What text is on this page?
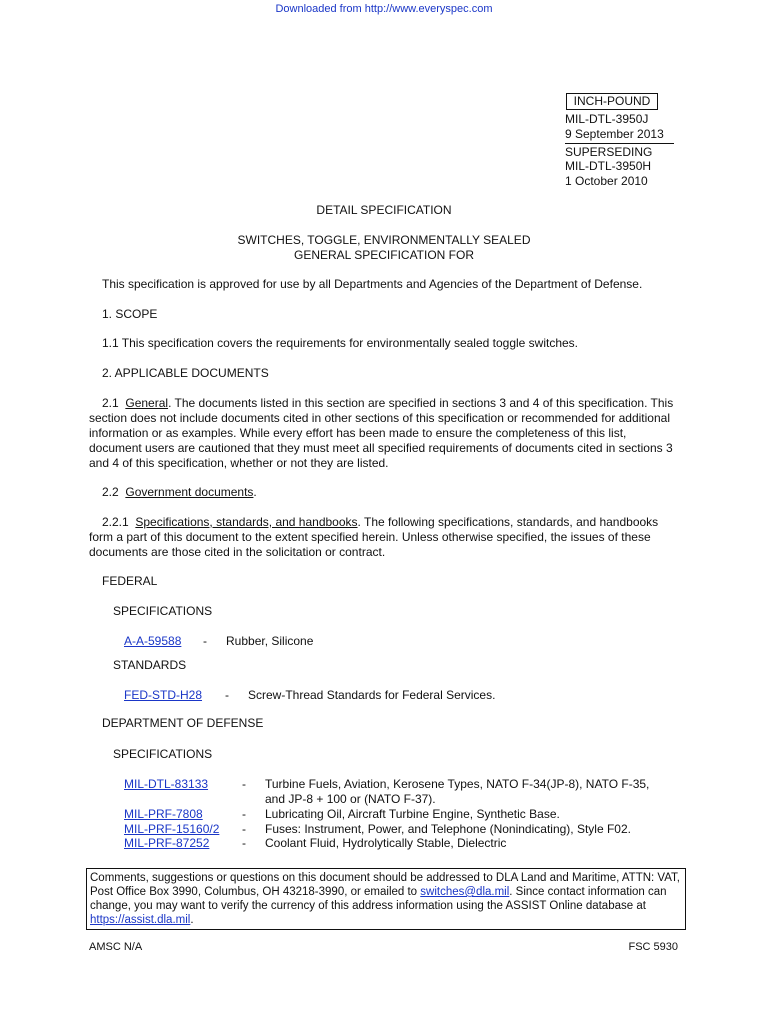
Downloaded from http://www.everyspec.com
INCH-POUND
MIL-DTL-3950J
9 September 2013
SUPERSEDING
MIL-DTL-3950H
1 October 2010
DETAIL SPECIFICATION
SWITCHES, TOGGLE, ENVIRONMENTALLY SEALED
GENERAL SPECIFICATION FOR
This specification is approved for use by all Departments and Agencies of the Department of Defense.
1. SCOPE
1.1 This specification covers the requirements for environmentally sealed toggle switches.
2. APPLICABLE DOCUMENTS
2.1 General. The documents listed in this section are specified in sections 3 and 4 of this specification. This section does not include documents cited in other sections of this specification or recommended for additional information or as examples. While every effort has been made to ensure the completeness of this list, document users are cautioned that they must meet all specified requirements of documents cited in sections 3 and 4 of this specification, whether or not they are listed.
2.2 Government documents.
2.2.1 Specifications, standards, and handbooks. The following specifications, standards, and handbooks form a part of this document to the extent specified herein. Unless otherwise specified, the issues of these documents are those cited in the solicitation or contract.
FEDERAL
SPECIFICATIONS
A-A-59588 - Rubber, Silicone
STANDARDS
FED-STD-H28 - Screw-Thread Standards for Federal Services.
DEPARTMENT OF DEFENSE
SPECIFICATIONS
MIL-DTL-83133	- Turbine Fuels, Aviation, Kerosene Types, NATO F-34(JP-8), NATO F-35,
and JP-8 + 100 or (NATO F-37).
MIL-PRF-7808	- Lubricating Oil, Aircraft Turbine Engine, Synthetic Base.
MIL-PRF-15160/2 - Fuses: Instrument, Power, and Telephone (Nonindicating), Style F02.
MIL-PRF-87252	- Coolant Fluid, Hydrolytically Stable, Dielectric
Comments, suggestions or questions on this document should be addressed to DLA Land and Maritime, ATTN: VAT, Post Office Box 3990, Columbus, OH 43218-3990, or emailed to switches@dla.mil. Since contact information can change, you may want to verify the currency of this address information using the ASSIST Online database at https://assist.dla.mil.
AMSC N/A	FSC 5930
